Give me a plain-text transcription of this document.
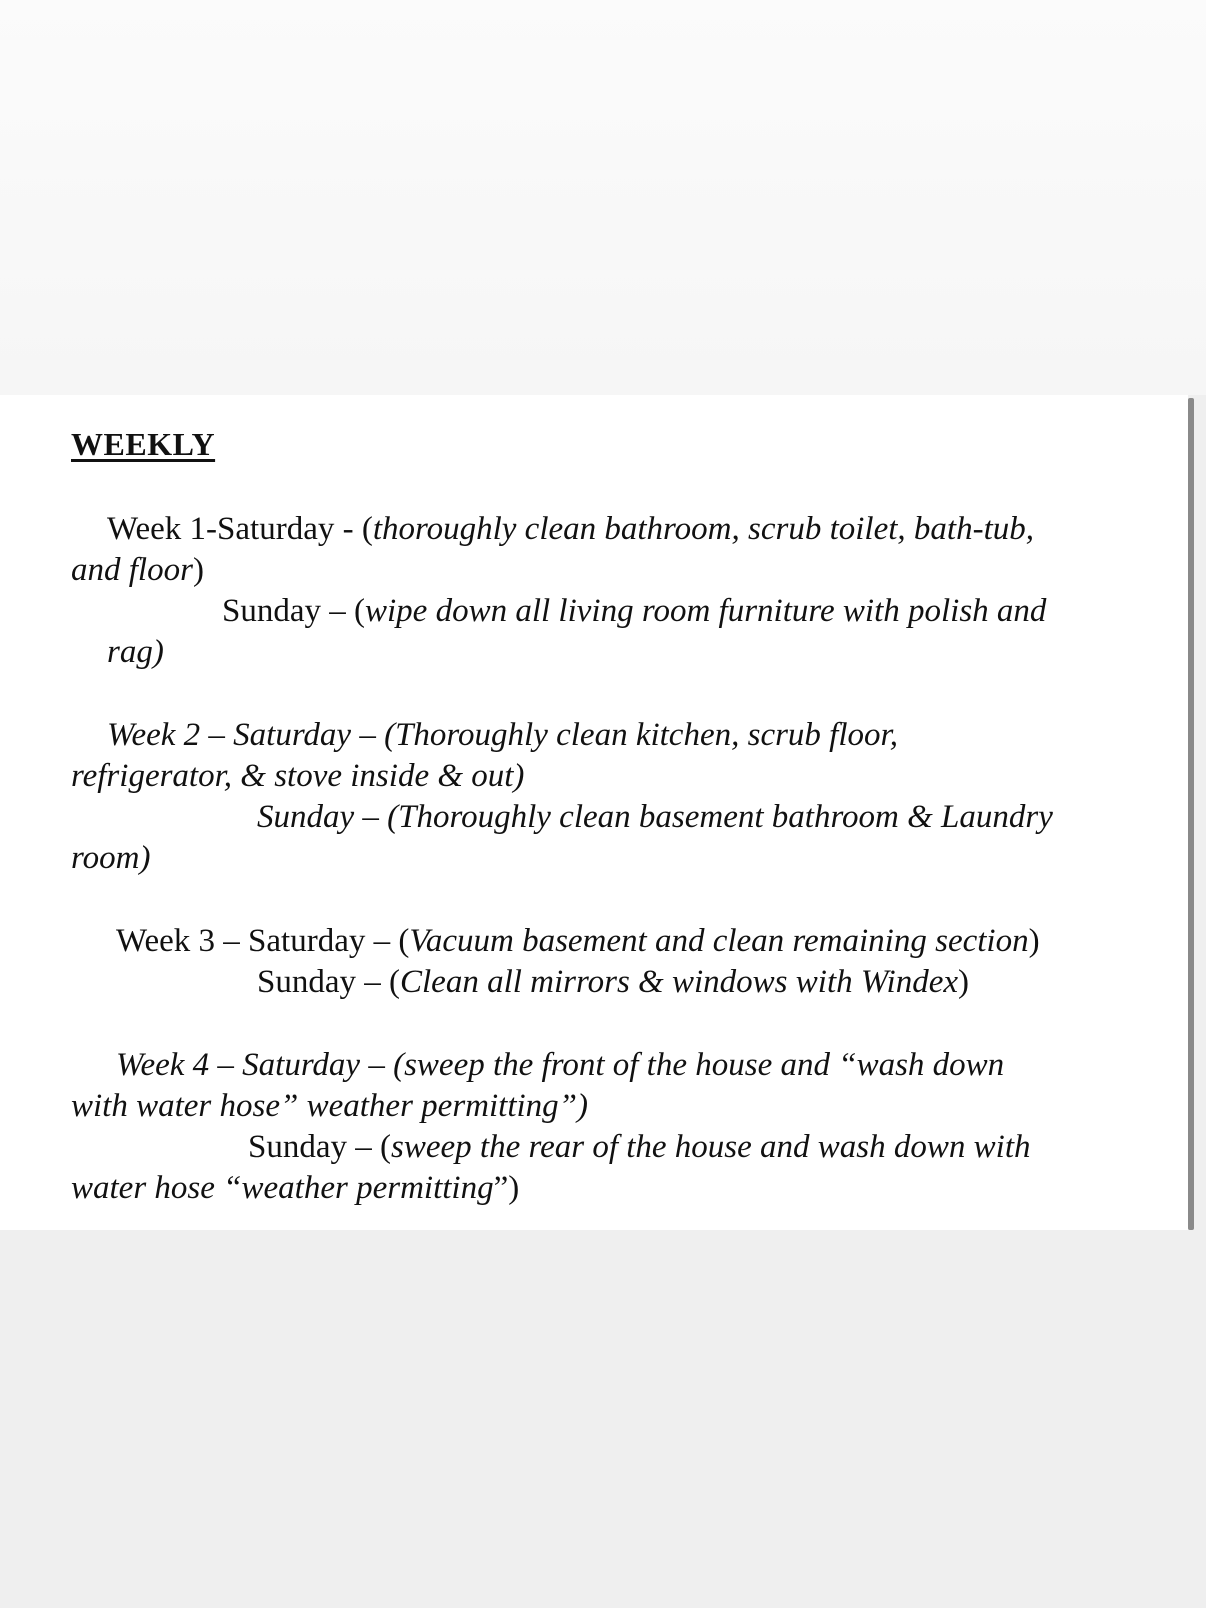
WEEKLY

Week 1-Saturday - (thoroughly clean bathroom, scrub toilet, bath-tub,

and floor)

Sunday – (wipe down all living room furniture with polish and

rag)

Week 2 – Saturday – (Thoroughly clean kitchen, scrub floor,

refrigerator, & stove inside & out)

Sunday – (Thoroughly clean basement bathroom & Laundry

room)

Week 3 – Saturday – (Vacuum basement and clean remaining section)

Sunday – (Clean all mirrors & windows with Windex)

Week 4 – Saturday – (sweep the front of the house and “wash down

with water hose” weather permitting”)

Sunday – (sweep the rear of the house and wash down with

water hose “weather permitting”)
